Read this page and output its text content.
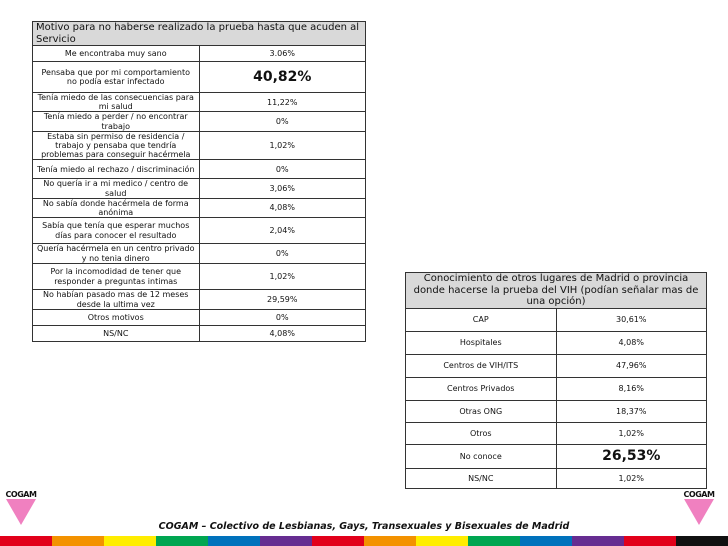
COGAM	COGAM
Motivo para no haberse realizado la prueba hasta que acuden al Servicio	
Me encontraba muy sano	3.06%
Pensaba que por mi comportamiento no podía estar infectado	40,82%
Tenía miedo de las consecuencias para mi salud	11,22%
Tenía miedo a perder / no encontrar trabajo	0%
Estaba sin permiso de residencia / trabajo y pensaba que tendría problemas para conseguir hacérmela	1,02%
Tenía miedo al rechazo / discriminación	0%
No quería ir a mi medico / centro de salud	3,06%
No sabía donde hacérmela de forma anónima	4,08%
Sabía que tenía que esperar muchos días para conocer el resultado	2,04%
Quería hacérmela en un centro privado y no tenia dinero	0%
Por la incomodidad de tener que responder a preguntas intimas	1,02%
No habían pasado mas de 12 meses desde la ultima vez	29,59%
Otros motivos	0%
NS/NC	4,08%
Conocimiento de otros lugares de Madrid o provincia donde hacerse la prueba del VIH (podían señalar mas de una opción)	
CAP	30,61%
Hospitales	4,08%
Centros de VIH/ITS	47,96%
Centros Privados	8,16%
Otras ONG	18,37%
Otros	1,02%
No conoce	26,53%
NS/NC	1,02%
COGAM – Colectivo de Lesbianas, Gays, Transexuales y Bisexuales de Madrid
